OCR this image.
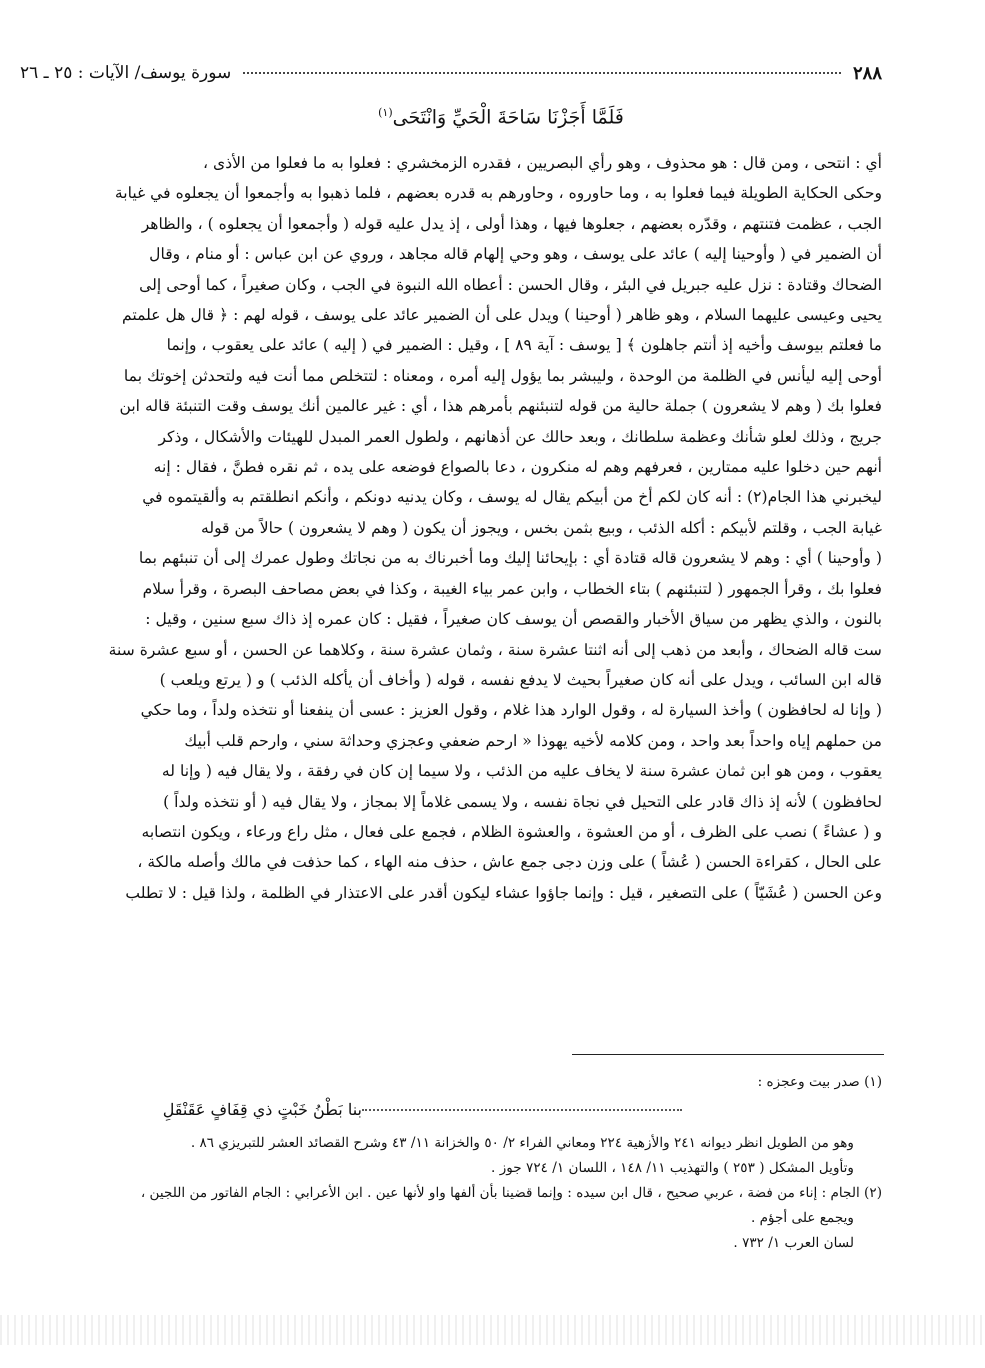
٢٨٨
سورة يوسف/ الآيات : ٢٥ ـ ٢٦
فَلَمَّا أَجَزْنَا سَاحَةَ الْحَيِّ وَانْتَحَى$^{(١)}$

أي : انتحى ، ومن قال : هو محذوف ، وهو رأي البصريين ، فقدره الزمخشري : فعلوا به ما فعلوا من الأذى ،

وحكى الحكاية الطويلة فيما فعلوا به ، وما حاوروه ، وحاورهم به قدره بعضهم ، فلما ذهبوا به وأجمعوا أن يجعلوه في غيابة

الجب ، عظمت فتنتهم ، وقدّره بعضهم ، جعلوها فيها ، وهذا أولى ، إذ يدل عليه قوله ( وأجمعوا أن يجعلوه ) ، والظاهر

أن الضمير في ( وأوحينا إليه ) عائد على يوسف ، وهو وحي إلهام قاله مجاهد ، وروي عن ابن عباس : أو منام ، وقال

الضحاك وقتادة : نزل عليه جبريل في البئر ، وقال الحسن : أعطاه الله النبوة في الجب ، وكان صغيراً ، كما أوحى إلى

يحيى وعيسى عليهما السلام ، وهو ظاهر ( أوحينا ) ويدل على أن الضمير عائد على يوسف ، قوله لهم : ﴿ قال هل علمتم

ما فعلتم بيوسف وأخيه إذ أنتم جاهلون ﴾ [ يوسف : آية ٨٩ ] ، وقيل : الضمير في ( إليه ) عائد على يعقوب ، وإنما

أوحى إليه ليأنس في الظلمة من الوحدة ، وليبشر بما يؤول إليه أمره ، ومعناه : لتتخلص مما أنت فيه ولتحدثن إخوتك بما

فعلوا بك ( وهم لا يشعرون ) جملة حالية من قوله لتنبئنهم بأمرهم هذا ، أي : غير عالمين أنك يوسف وقت التنبئة قاله ابن

جريج ، وذلك لعلو شأنك وعظمة سلطانك ، وبعد حالك عن أذهانهم ، ولطول العمر المبدل للهيئات والأشكال ، وذكر

أنهم حين دخلوا عليه ممتارين ، فعرفهم وهم له منكرون ، دعا بالصواع فوضعه على يده ، ثم نقره فطنَّ ، فقال : إنه

ليخبرني هذا الجام(٢) : أنه كان لكم أخ من أبيكم يقال له يوسف ، وكان يدنيه دونكم ، وأنكم انطلقتم به وألقيتموه في

غيابة الجب ، وقلتم لأبيكم : أكله الذئب ، وبيع بثمن بخس ، ويجوز أن يكون ( وهم لا يشعرون ) حالاً من قوله

( وأوحينا ) أي : وهم لا يشعرون قاله قتادة أي : بإيحائنا إليك وما أخبرناك به من نجاتك وطول عمرك إلى أن تنبئهم بما

فعلوا بك ، وقرأ الجمهور ( لتنبئنهم ) بتاء الخطاب ، وابن عمر بياء الغيبة ، وكذا في بعض مصاحف البصرة ، وقرأ سلام

بالنون ، والذي يظهر من سياق الأخبار والقصص أن يوسف كان صغيراً ، فقيل : كان عمره إذ ذاك سبع سنين ، وقيل :

ست قاله الضحاك ، وأبعد من ذهب إلى أنه اثنتا عشرة سنة ، وثمان عشرة سنة ، وكلاهما عن الحسن ، أو سبع عشرة سنة

قاله ابن السائب ، ويدل على أنه كان صغيراً بحيث لا يدفع نفسه ، قوله ( وأخاف أن يأكله الذئب ) و ( يرتع ويلعب )

( وإنا له لحافظون ) وأخذ السيارة له ، وقول الوارد هذا غلام ، وقول العزيز : عسى أن ينفعنا أو نتخذه ولداً ، وما حكي

من حملهم إياه واحداً بعد واحد ، ومن كلامه لأخيه يهوذا « ارحم ضعفي وعجزي وحداثة سني ، وارحم قلب أبيك

يعقوب ، ومن هو ابن ثمان عشرة سنة لا يخاف عليه من الذئب ، ولا سيما إن كان في رفقة ، ولا يقال فيه ( وإنا له

لحافظون ) لأنه إذ ذاك قادر على التحيل في نجاة نفسه ، ولا يسمى غلاماً إلا بمجاز ، ولا يقال فيه ( أو نتخذه ولداً )

و ( عشاءً ) نصب على الظرف ، أو من العشوة ، والعشوة الظلام ، فجمع على فعال ، مثل راع ورعاء ، ويكون انتصابه

على الحال ، كقراءة الحسن ( عُشاً ) على وزن دجى جمع عاش ، حذف منه الهاء ، كما حذفت في مالك وأصله مالكة ،

وعن الحسن ( عُشَيّاً ) على التصغير ، قيل : وإنما جاؤوا عشاء ليكون أقدر على الاعتذار في الظلمة ، ولذا قيل : لا تطلب

(١) صدر بيت وعجزه :

بنا بَطْنُ خَبْتٍ ذي قِفَافٍ عَقَنْقَلِ

وهو من الطويل انظر ديوانه ٢٤١ والأزهية ٢٢٤ ومعاني الفراء ٢/ ٥٠ والخزانة ١١/ ٤٣ وشرح القصائد العشر للتبريزي ٨٦ .

وتأويل المشكل ( ٢٥٣ ) والتهذيب ١١/ ١٤٨ ، اللسان ١/ ٧٢٤ جوز .

(٢) الجام : إناء من فضة ، عربي صحيح ، قال ابن سيده : وإنما قضينا بأن ألفها واو لأنها عين . ابن الأعرابي : الجام الفاتور من اللجين ،

ويجمع على أجؤم .

لسان العرب ١/ ٧٣٢ .
